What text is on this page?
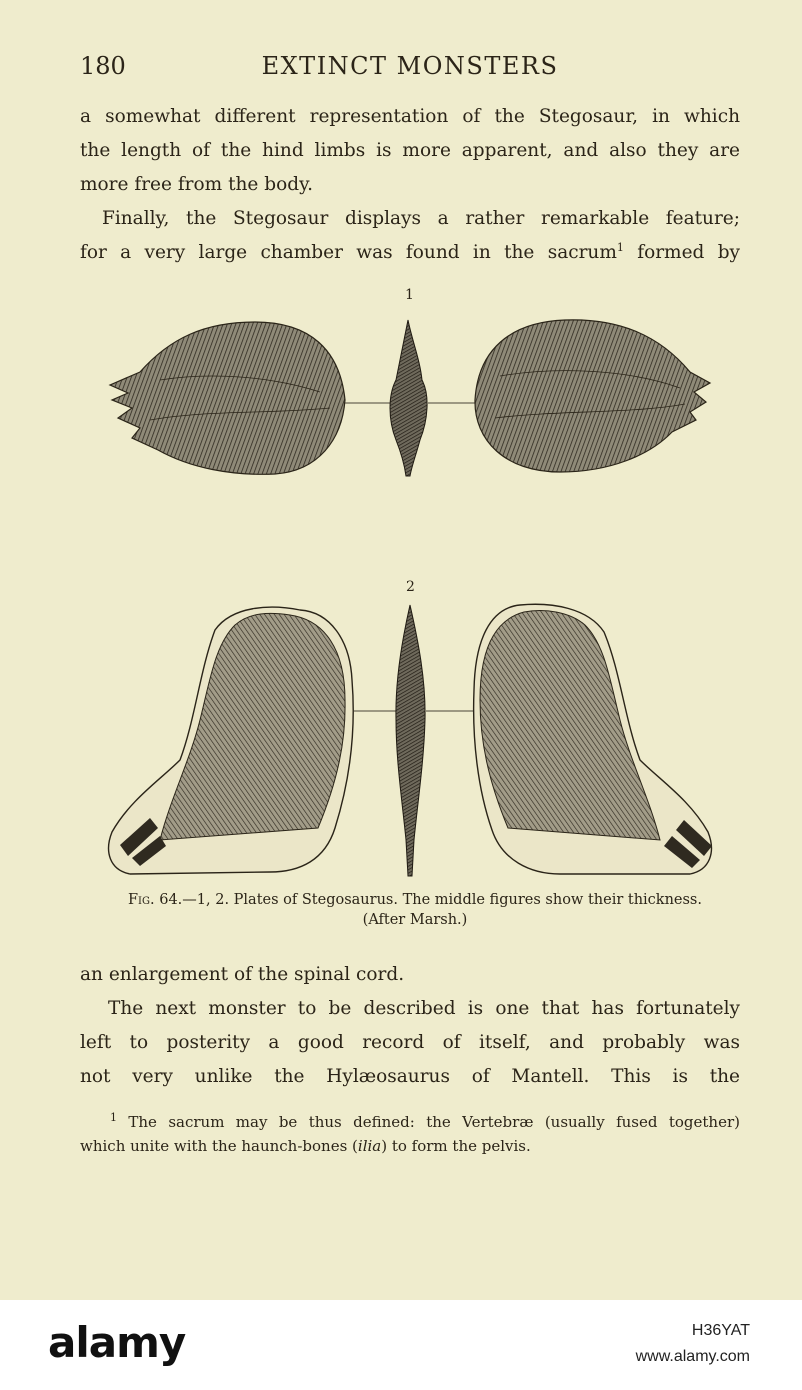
180	EXTINCT MONSTERS

a somewhat different representation of the Stegosaur, in which
the length of the hind limbs is more apparent, and also they are
more free from the body.

Finally, the Stegosaur displays a rather remarkable feature;
for a very large chamber was found in the sacrum$^1$ formed by

1
2
Fig. 64.—1, 2. Plates of Stegosaurus. The middle figures show their thickness.
(After Marsh.)

an enlargement of the spinal cord.

The next monster to be described is one that has fortunately
left to posterity a good record of itself, and probably was
not very unlike the Hylæosaurus of Mantell. This is the

$^1$ The sacrum may be thus defined: the Vertebræ (usually fused together)
which unite with the haunch-bones (ilia) to form the pelvis.

alamy	H36YAT
www.alamy.com
